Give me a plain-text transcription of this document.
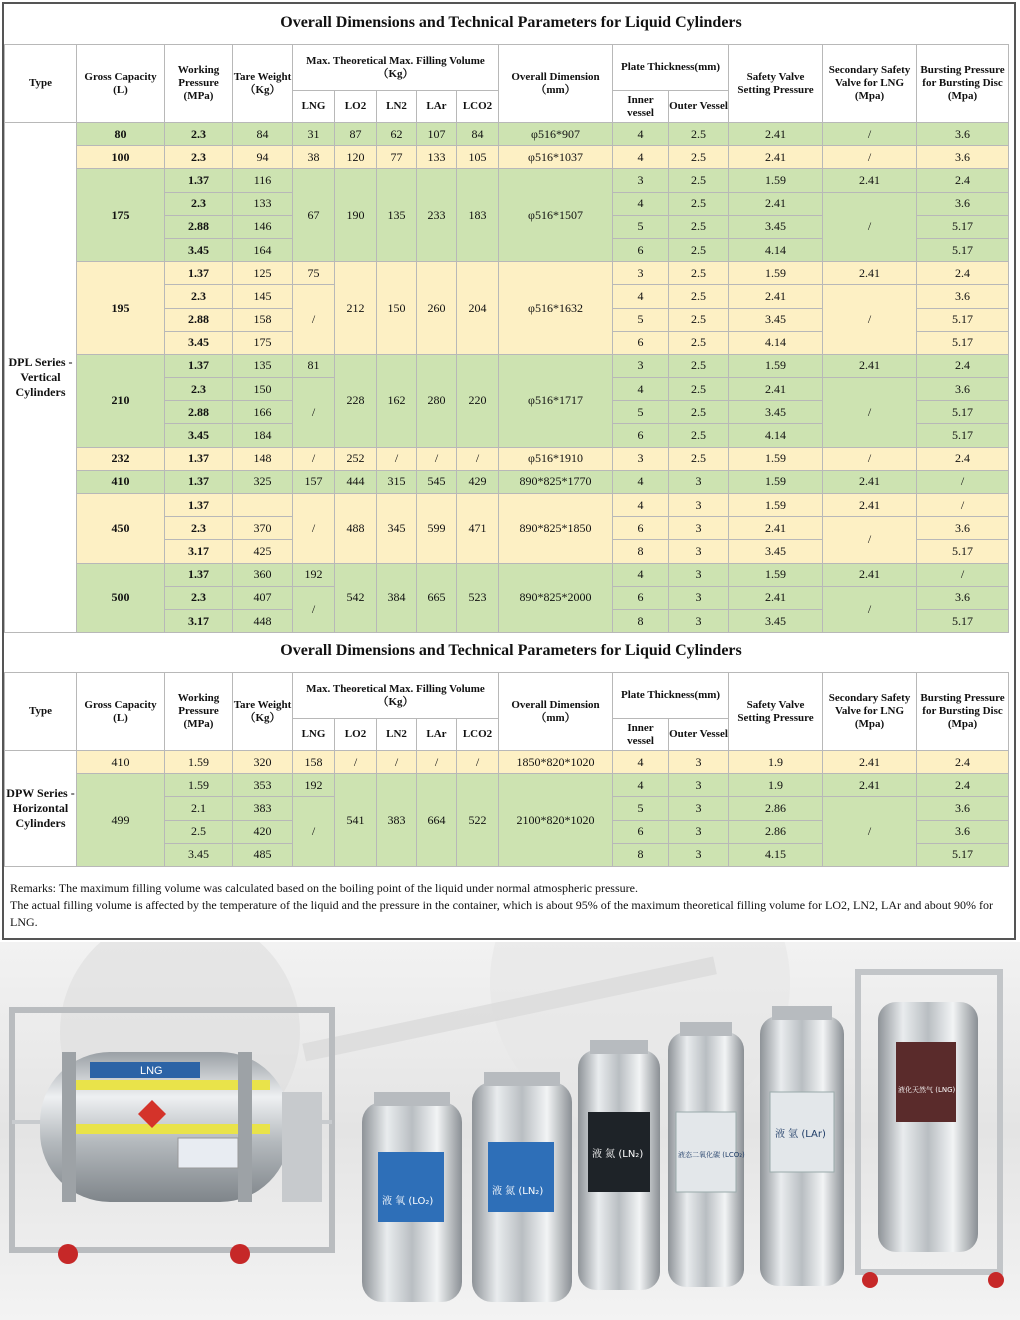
Overall Dimensions and Technical Parameters for Liquid Cylinders
Type	Gross Capacity (L)	Working Pressure (MPa)	Tare Weight （Kg）	Max. Theoretical Max. Filling Volume （Kg）					Overall Dimension （mm）	Plate Thickness(mm)		Safety Valve Setting Pressure	Secondary Safety Valve for LNG (Mpa)	Bursting Pressure for Bursting Disc (Mpa)
				LNG	LO2	LN2	LAr	LCO2		Inner vessel	Outer Vessel			
DPL Series - Vertical Cylinders	80	2.3	84	31	87	62	107	84	φ516*907	4	2.5	2.41	/	3.6
	100	2.3	94	38	120	77	133	105	φ516*1037	4	2.5	2.41	/	3.6
	175	1.37	116	67	190	135	233	183	φ516*1507	3	2.5	1.59	2.41	2.4
		2.3	133							4	2.5	2.41	/	3.6
		2.88	146							5	2.5	3.45		5.17
		3.45	164							6	2.5	4.14		5.17
	195	1.37	125	75	212	150	260	204	φ516*1632	3	2.5	1.59	2.41	2.4
		2.3	145	/						4	2.5	2.41	/	3.6
		2.88	158							5	2.5	3.45		5.17
		3.45	175							6	2.5	4.14		5.17
	210	1.37	135	81	228	162	280	220	φ516*1717	3	2.5	1.59	2.41	2.4
		2.3	150	/						4	2.5	2.41	/	3.6
		2.88	166							5	2.5	3.45		5.17
		3.45	184							6	2.5	4.14		5.17
	232	1.37	148	/	252	/	/	/	φ516*1910	3	2.5	1.59	/	2.4
	410	1.37	325	157	444	315	545	429	890*825*1770	4	3	1.59	2.41	/
	450	1.37		/	488	345	599	471	890*825*1850	4	3	1.59	2.41	/
		2.3	370							6	3	2.41	/	3.6
		3.17	425							8	3	3.45		5.17
	500	1.37	360	192	542	384	665	523	890*825*2000	4	3	1.59	2.41	/
		2.3	407	/						6	3	2.41	/	3.6
		3.17	448							8	3	3.45		5.17
Overall Dimensions and Technical Parameters for Liquid Cylinders
Type	Gross Capacity (L)	Working Pressure (MPa)	Tare Weight （Kg）	Max. Theoretical Max. Filling Volume （Kg）					Overall Dimension （mm）	Plate Thickness(mm)		Safety Valve Setting Pressure	Secondary Safety Valve for LNG (Mpa)	Bursting Pressure for Bursting Disc (Mpa)
				LNG	LO2	LN2	LAr	LCO2		Inner vessel	Outer Vessel			
DPW Series - Horizontal Cylinders	410	1.59	320	158	/	/	/	/	1850*820*1020	4	3	1.9	2.41	2.4
	499	1.59	353	192	541	383	664	522	2100*820*1020	4	3	1.9	2.41	2.4
		2.1	383	/						5	3	2.86	/	3.6
		2.5	420							6	3	2.86		3.6
		3.45	485							8	3	4.15		5.17
Remarks: The maximum filling volume was calculated based on the boiling point of the liquid under normal atmospheric pressure.
The actual filling volume is affected by the temperature of the liquid and the pressure in the container, which is about 95% of the maximum theoretical filling volume for LO2, LN2, LAr and about 90% for LNG.
LNG
液 氧 (LO₂)
液 氮 (LN₂)
液 氮 (LN₂)	液态二氧化碳 (LCO₂)
液 氩 (LAr)
液化天然气 (LNG)
